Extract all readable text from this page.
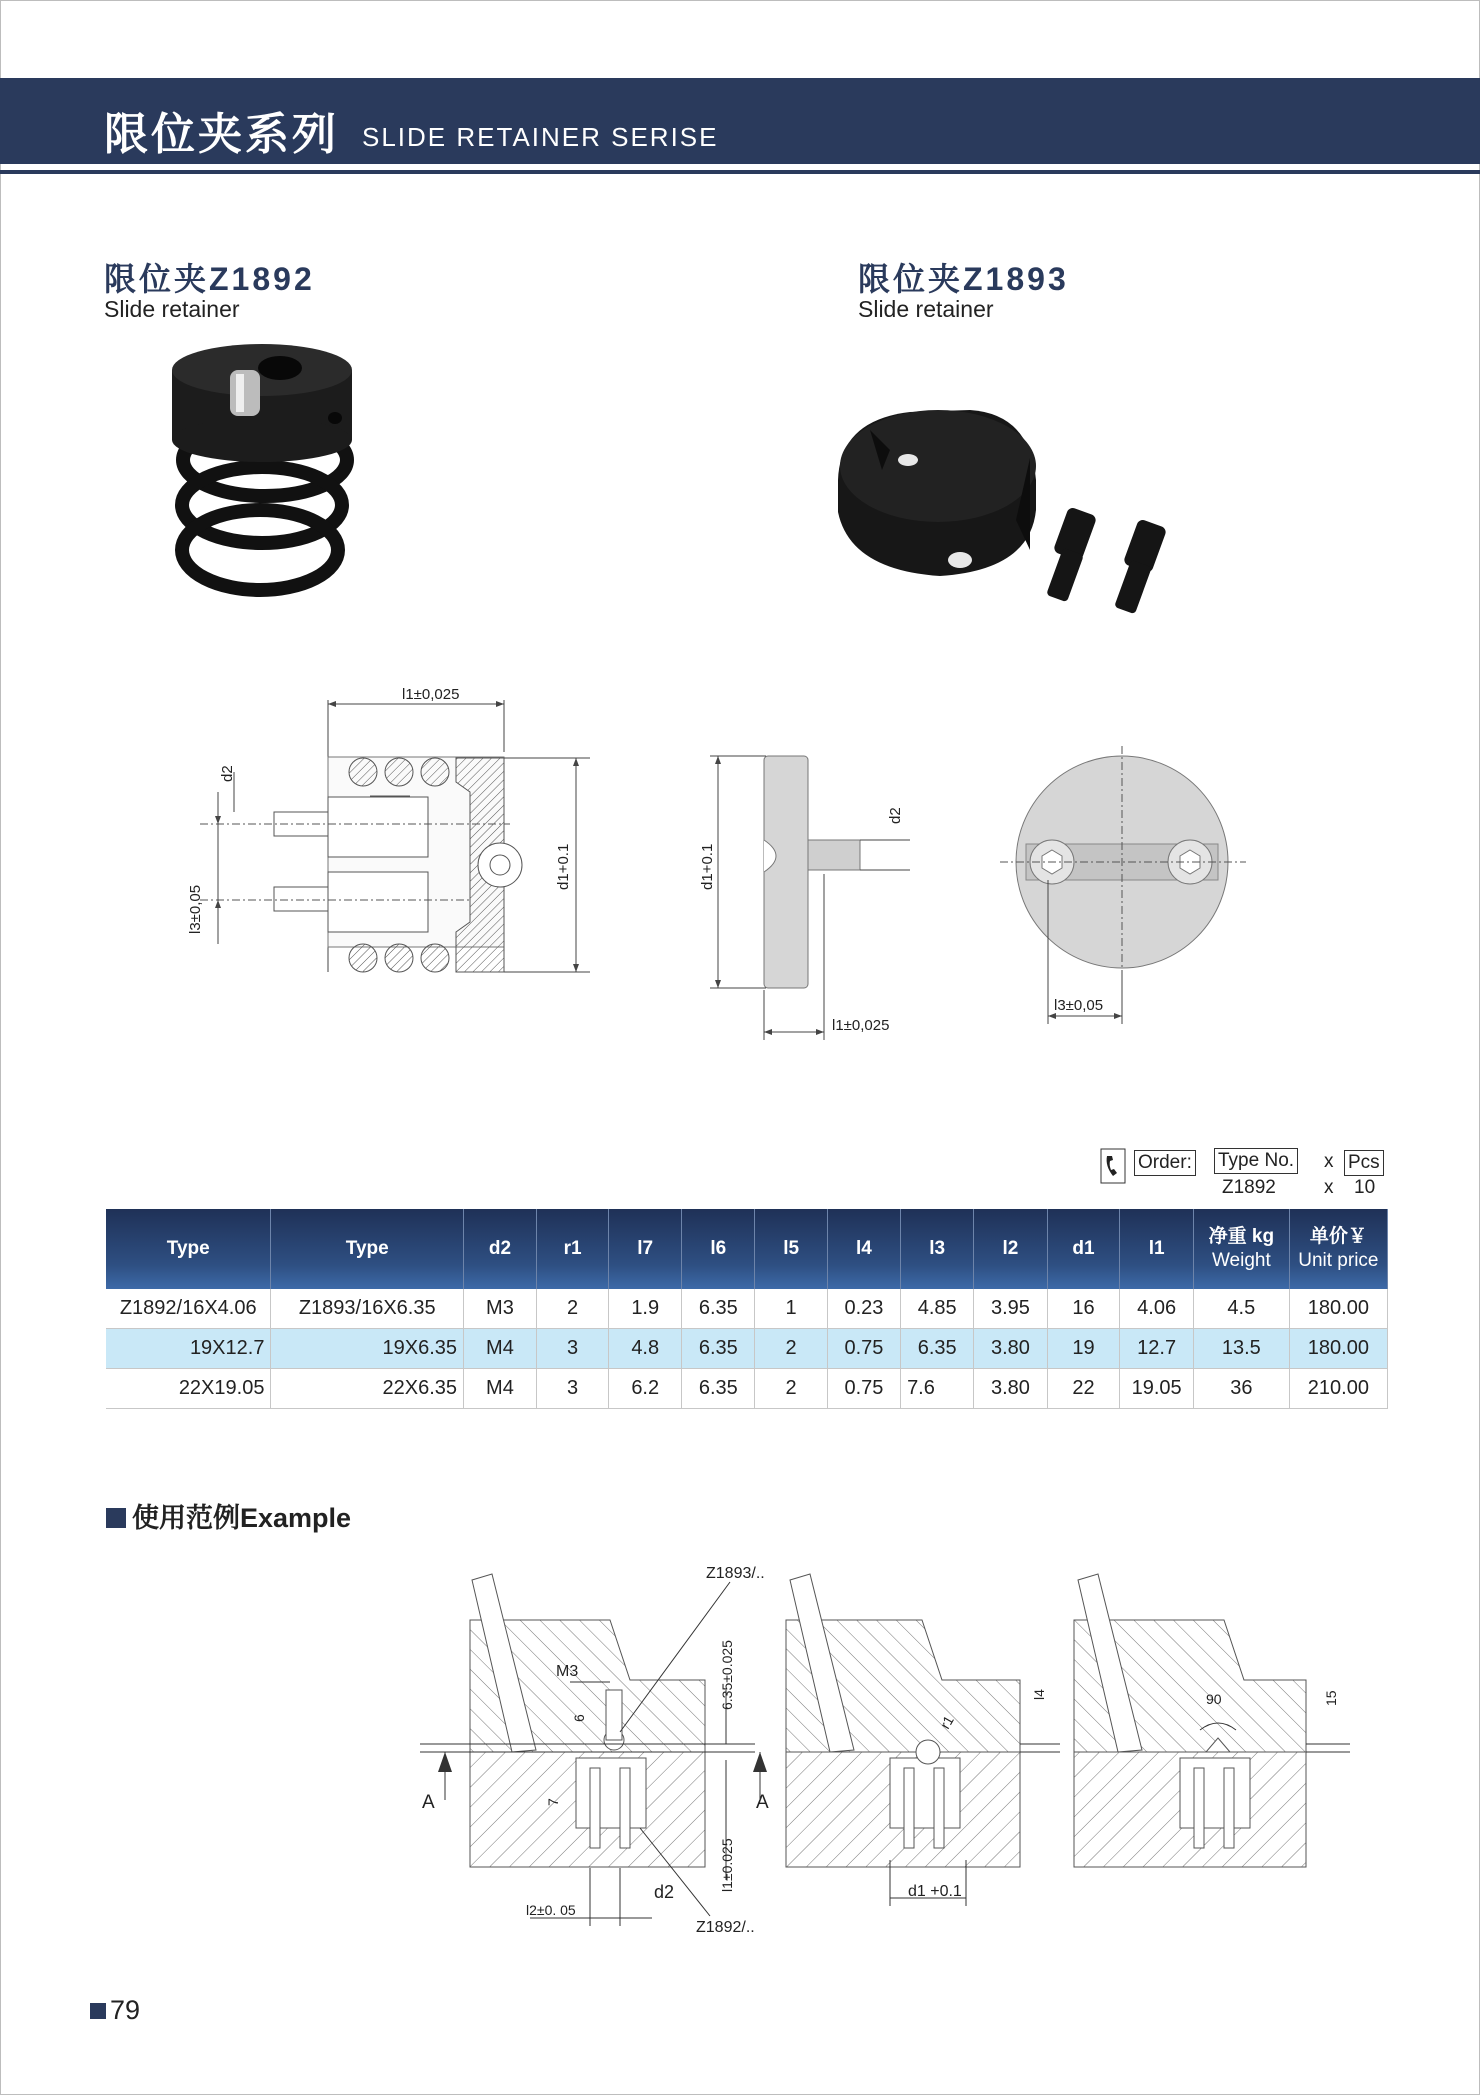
限位夹系列 SLIDE RETAINER SERISE
限位夹Z1892
Slide retainer
限位夹Z1893
Slide retainer
l1±0,025
l3±0,05
d2
d1+0.1	d1+0.1
l1±0,025
d2
l3±0,05
Order: Type No. x Pcs
Z1892	x 10
Type	Type	d2	r1	l7	l6	l5	l4	l3	l2	d1	l1	净重 kg
Weight	单价￥
Unit price

Z1892/16X4.06	Z1893/16X6.35	M3	2	1.9	6.35	1	0.23	4.85	3.95	16	4.06	4.5	180.00
19X12.7	19X6.35	M4	3	4.8	6.35	2	0.75	6.35	3.80	19	12.7	13.5	180.00
22X19.05	22X6.35	M4	3	6.2	6.35	2	0.75	7.6	3.80	22	19.05	36	210.00
使用范例Example
A	A
Z1893/..
Z1892/..
M3
6
7
6.35±0.025
l1±0.025
d2
l2±0. 05
r1
l4
d1 +0.1
90	15
79
